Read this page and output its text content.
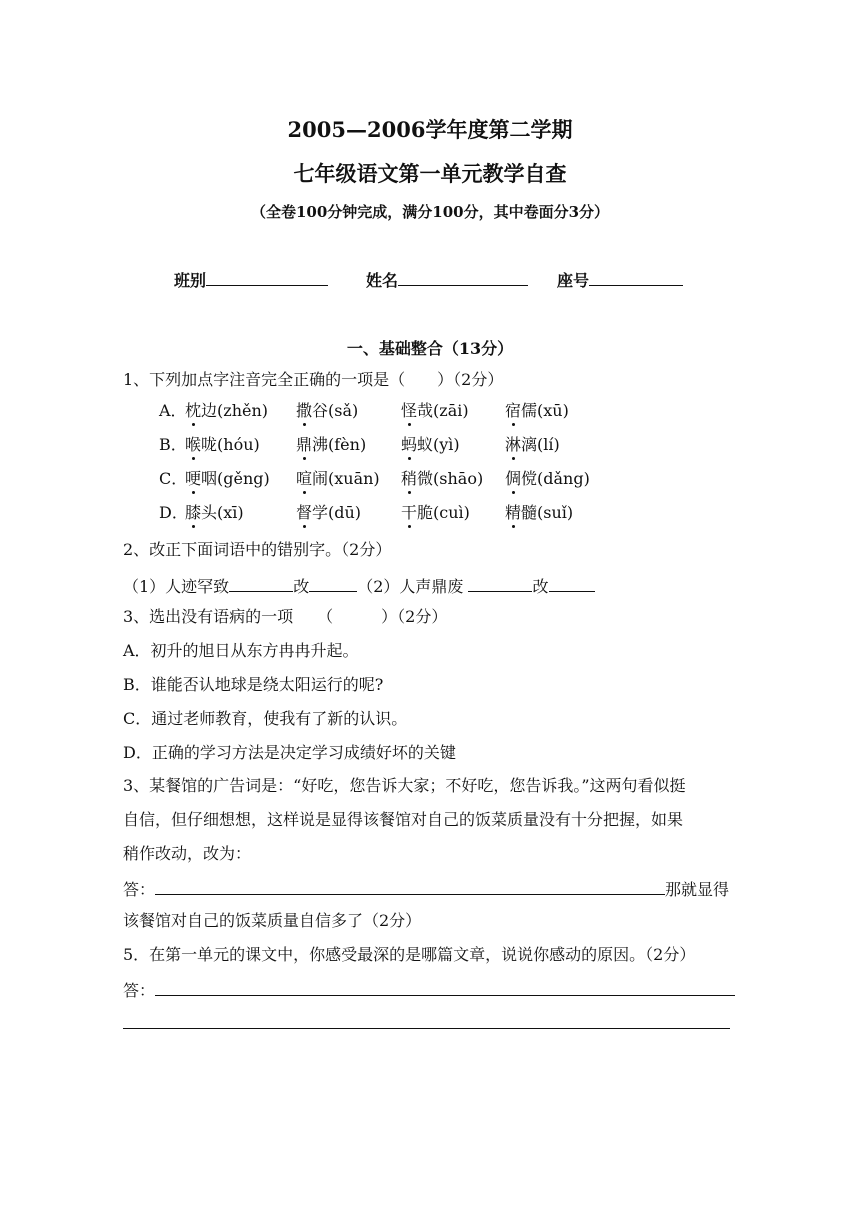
2005—2006学年度第二学期
七年级语文第一单元教学自查
（全卷100分钟完成，满分100分，其中卷面分3分）
班别	姓名	座号
一、基础整合（13分）
1、下列加点字注音完全正确的一项是（　　）（2分）
A．
枕边(zhěn) 撒谷(sǎ)	怪哉(zāi) 宿儒(xū)
B．
喉咙(hóu) 鼎沸(fèn) 蚂蚁(yì)	淋漓(lí)
C．
哽咽(gěng) 喧闹(xuān) 稍微(shāo) 倜傥(dǎng)
D．
膝头(xī)	督学(dū) 干脆(cuì) 精髓(suǐ)
2、改正下面词语中的错别字。（2分）
（1）人迹罕致	改	（2）人声鼎废	改
3、选出没有语病的一项　　（　　　）（2分）
A．初升的旭日从东方冉冉升起。
B．谁能否认地球是绕太阳运行的呢?
C．通过老师教育，使我有了新的认识。
D．正确的学习方法是决定学习成绩好坏的关键
3、某餐馆的广告词是：“好吃，您告诉大家；不好吃，您告诉我。”这两句看似挺
自信，但仔细想想，这样说是显得该餐馆对自己的饭菜质量没有十分把握，如果
稍作改动，改为：
答：	那就显得
该餐馆对自己的饭菜质量自信多了（2分）
5．在第一单元的课文中，你感受最深的是哪篇文章，说说你感动的原因。（2分）
答：
